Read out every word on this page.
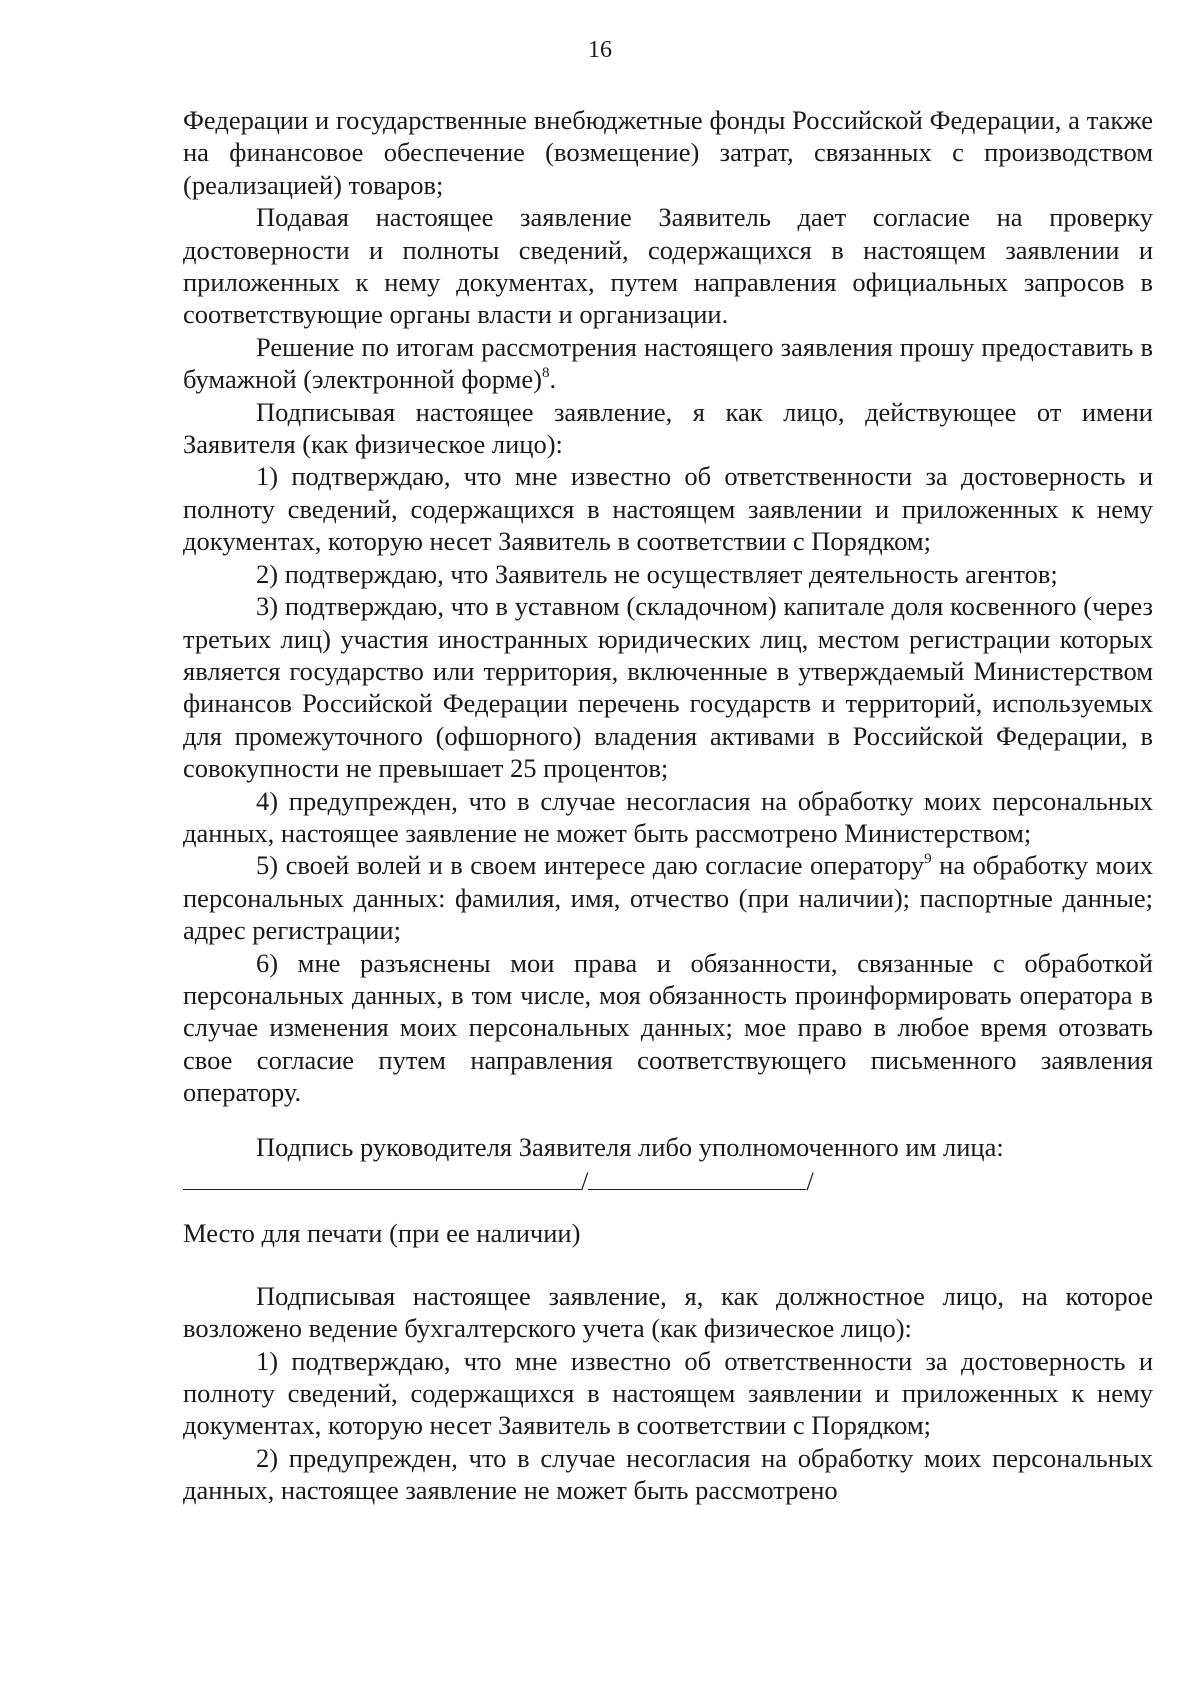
16

Федерации и государственные внебюджетные фонды Российской Федерации, а также на финансовое обеспечение (возмещение) затрат, связанных с производством (реализацией) товаров;

Подавая настоящее заявление Заявитель дает согласие на проверку достоверности и полноты сведений, содержащихся в настоящем заявлении и приложенных к нему документах, путем направления официальных запросов в соответствующие органы власти и организации.

Решение по итогам рассмотрения настоящего заявления прошу предоставить в бумажной (электронной форме)$^8$.

Подписывая настоящее заявление, я как лицо, действующее от имени Заявителя (как физическое лицо):

1) подтверждаю, что мне известно об ответственности за достоверность и полноту сведений, содержащихся в настоящем заявлении и приложенных к нему документах, которую несет Заявитель в соответствии с Порядком;

2) подтверждаю, что Заявитель не осуществляет деятельность агентов;

3) подтверждаю, что в уставном (складочном) капитале доля косвенного (через третьих лиц) участия иностранных юридических лиц, местом регистрации которых является государство или территория, включенные в утверждаемый Министерством финансов Российской Федерации перечень государств и территорий, используемых для промежуточного (офшорного) владения активами в Российской Федерации, в совокупности не превышает 25 процентов;

4) предупрежден, что в случае несогласия на обработку моих персональных данных, настоящее заявление не может быть рассмотрено Министерством;

5) своей волей и в своем интересе даю согласие оператору$^9$ на обработку моих персональных данных: фамилия, имя, отчество (при наличии); паспортные данные; адрес регистрации;

6) мне разъяснены мои права и обязанности, связанные с обработкой персональных данных, в том числе, моя обязанность проинформировать оператора в случае изменения моих персональных данных; мое право в любое время отозвать свое согласие путем направления соответствующего письменного заявления оператору.

Подпись руководителя Заявителя либо уполномоченного им лица:

/	/

Место для печати (при ее наличии)

Подписывая настоящее заявление, я, как должностное лицо, на которое возложено ведение бухгалтерского учета (как физическое лицо):

1) подтверждаю, что мне известно об ответственности за достоверность и полноту сведений, содержащихся в настоящем заявлении и приложенных к нему документах, которую несет Заявитель в соответствии с Порядком;

2) предупрежден, что в случае несогласия на обработку моих персональных данных, настоящее заявление не может быть рассмотрено
